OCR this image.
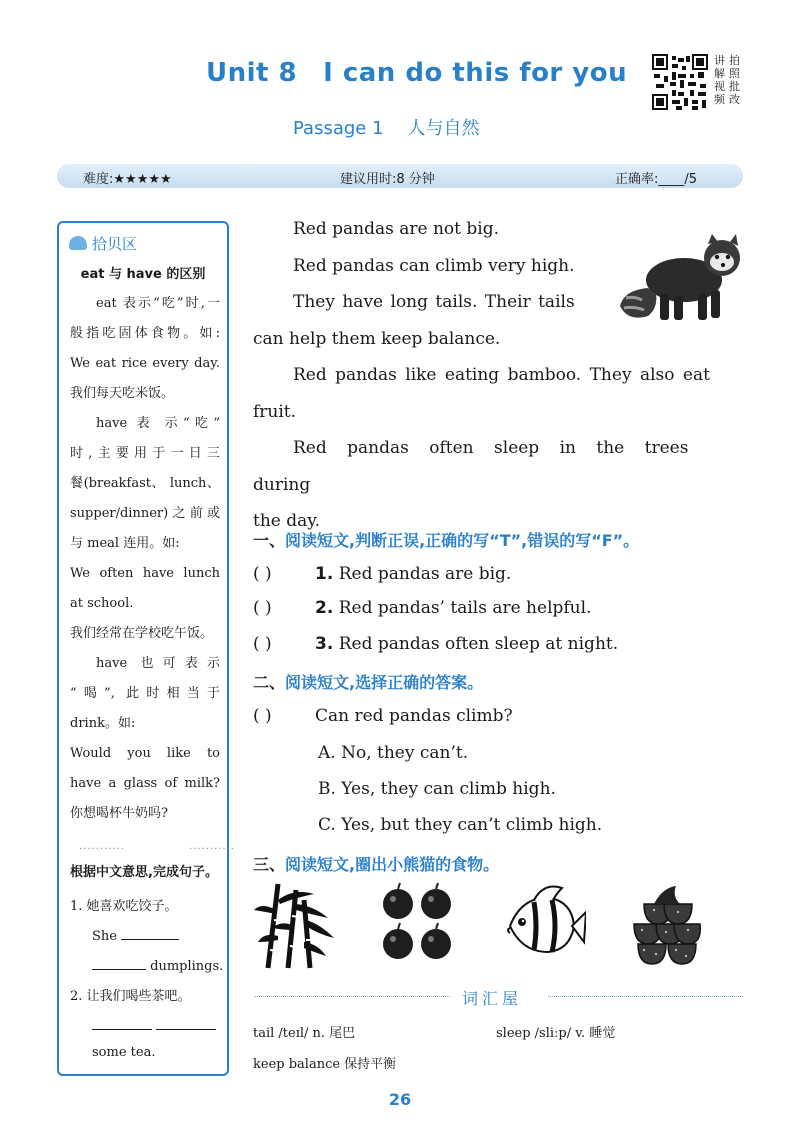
Unit 8 I can do this for you
Passage 1 人与自然
讲 拍 解 照 视 批 频 改
难度:★★★★★	建议用时:8 分钟	正确率:____/5
拾贝区
eat 与 have 的区别

eat 表示“吃”时,一

般指吃固体食物。如:

We eat rice every day.

我们每天吃米饭。

have 表 示“吃”

时,主要用于一日三

餐(breakfast、 lunch、

supper/dinner)之前或

与 meal 连用。如:

We often have lunch

at school.

我们经常在学校吃午饭。

have 也可表示

“喝”, 此时相当于

drink。如:

Would you like to

have a glass of milk?

你想喝杯牛奶吗?

...........	...........
根据中文意思,完成句子。
1. 她喜欢吃饺子。
She
dumplings.
2. 让我们喝些茶吧。

some tea.

Red pandas are not big.

Red pandas can climb very high.

They have long tails. Their tails

can help them keep balance.

Red pandas like eating bamboo. They also eat

fruit.

Red pandas often sleep in the trees during

the day.

一、阅读短文,判断正误,正确的写“T”,错误的写“F”。
( )	1. Red pandas are big.
( )	2. Red pandas’ tails are helpful.
( )	3. Red pandas often sleep at night.
二、阅读短文,选择正确的答案。
( )	Can red pandas climb?
A. No, they can’t.
B. Yes, they can climb high.
C. Yes, but they can’t climb high.
三、阅读短文,圈出小熊猫的食物。
词汇屋
tail /teɪl/ n. 尾巴	sleep /sliːp/ v. 睡觉
keep balance 保持平衡
26
